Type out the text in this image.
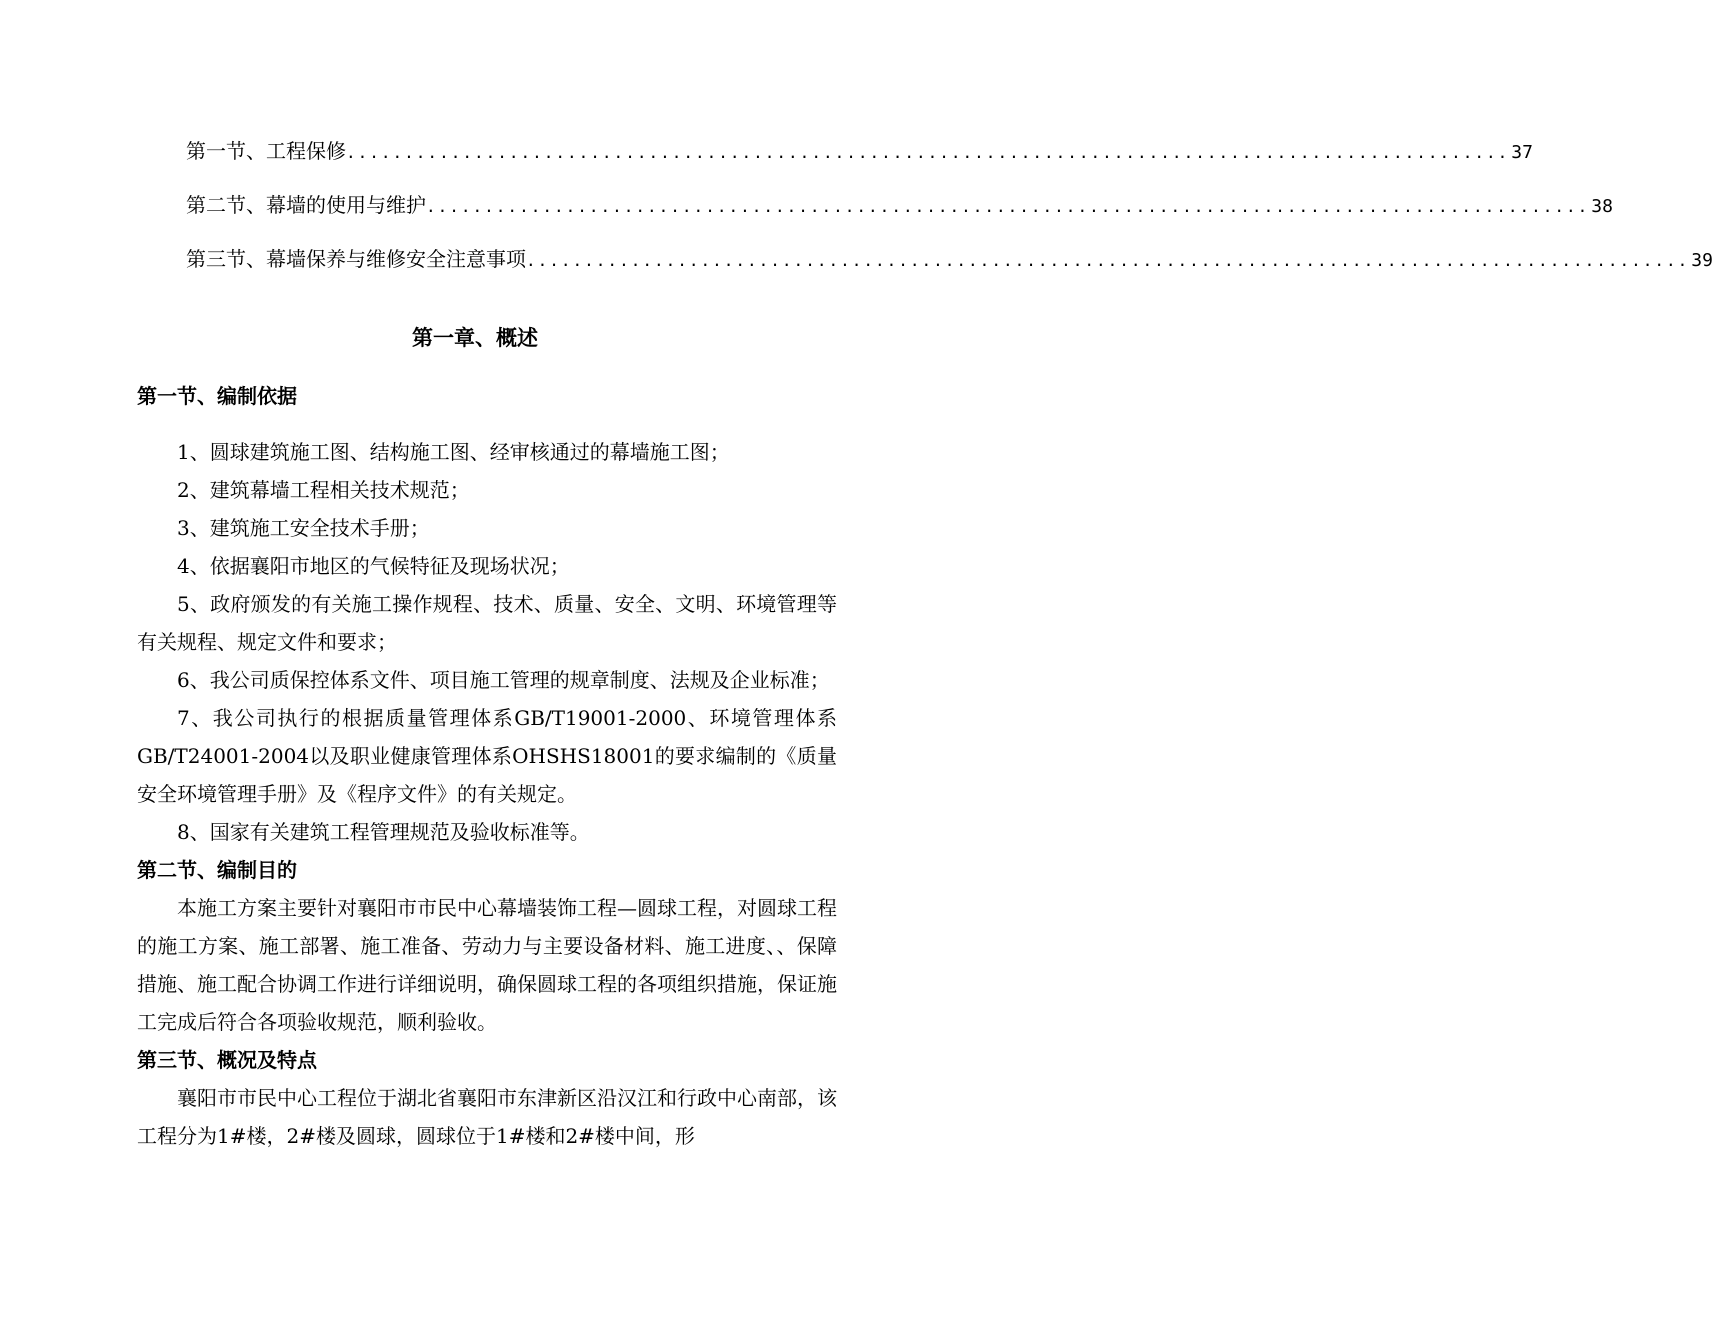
第一节、工程保修 .................................................................................................... 37
第二节、幕墙的使用与维护 .................................................................................................... 38
第三节、幕墙保养与维修安全注意事项 .................................................................................................... 39
第一章、概述
第一节、编制依据

1、圆球建筑施工图、结构施工图、经审核通过的幕墙施工图；

2、建筑幕墙工程相关技术规范；

3、建筑施工安全技术手册；

4、依据襄阳市地区的气候特征及现场状况；

5、政府颁发的有关施工操作规程、技术、质量、安全、文明、环境管理等有关规程、规定文件和要求；

6、我公司质保控体系文件、项目施工管理的规章制度、法规及企业标准；

7、我公司执行的根据质量管理体系GB/T19001-2000、环境管理体系GB/T24001-2004以及职业健康管理体系OHSHS18001的要求编制的《质量安全环境管理手册》及《程序文件》的有关规定。

8、国家有关建筑工程管理规范及验收标准等。

第二节、编制目的

本施工方案主要针对襄阳市市民中心幕墙装饰工程—圆球工程，对圆球工程的施工方案、施工部署、施工准备、劳动力与主要设备材料、施工进度、、保障措施、施工配合协调工作进行详细说明，确保圆球工程的各项组织措施，保证施工完成后符合各项验收规范，顺利验收。

第三节、概况及特点

襄阳市市民中心工程位于湖北省襄阳市东津新区沿汉江和行政中心南部，该工程分为1#楼，2#楼及圆球，圆球位于1#楼和2#楼中间，形
